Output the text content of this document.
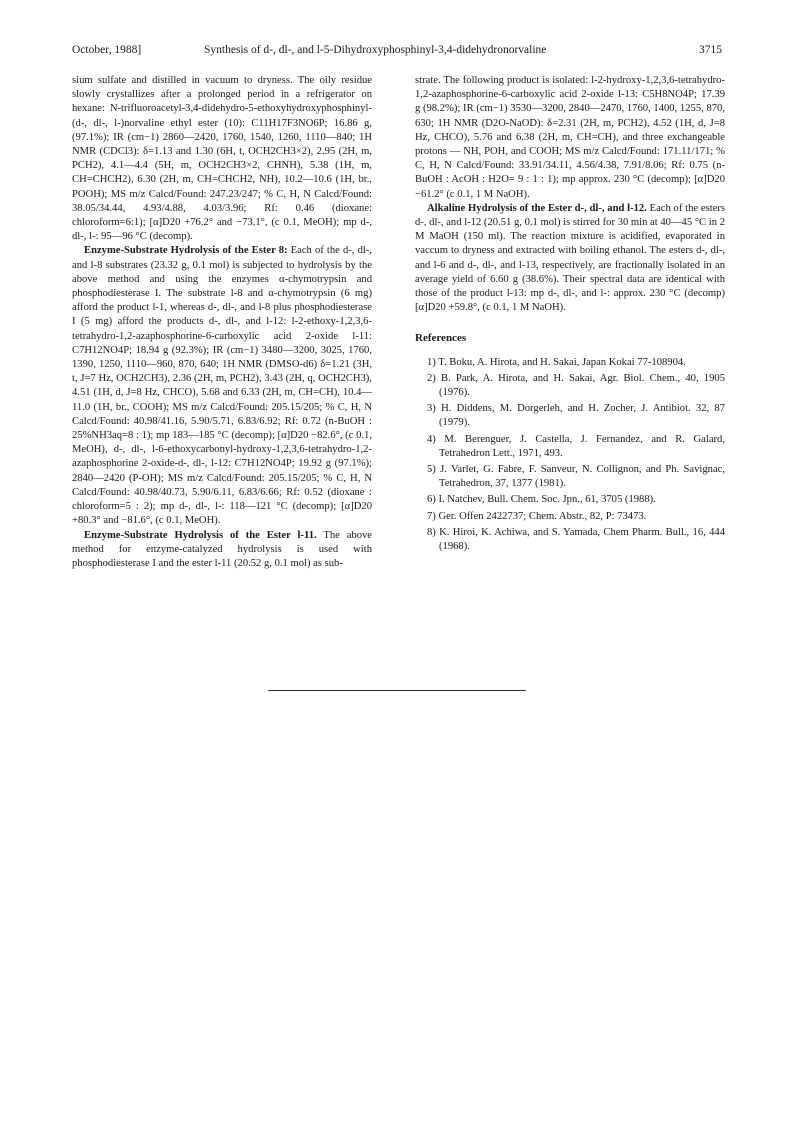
October, 1988]	Synthesis of d-, dl-, and l-5-Dihydroxyphosphinyl-3,4-didehydronorvaline	3715

sium sulfate and distilled in vacuum to dryness. The oily residue slowly crystallizes after a prolonged period in a refrigerator on hexane: N-trifluoroacetyl-3,4-didehydro-5-ethoxyhydroxyphosphinyl-(d-, dl-, l-)norvaline ethyl ester (10): C11H17F3NO6P; 16.86 g, (97.1%); IR (cm−1) 2860—2420, 1760, 1540, 1260, 1110—840; 1H NMR (CDCl3): δ=1.13 and 1.30 (6H, t, OCH2CH3×2), 2.95 (2H, m, PCH2), 4.1—4.4 (5H, m, OCH2CH3×2, CHNH), 5.38 (1H, m, CH=CHCH2), 6.30 (2H, m, CH=CHCH2, NH), 10.2—10.6 (1H, br., POOH); MS m/z Calcd/Found: 247.23/247; % C, H, N Calcd/Found: 38.05/34.44, 4.93/4.88, 4.03/3.96; Rf: 0.46 (dioxane: chloroform=6:1); [α]D20 +76.2° and −73.1°, (c 0.1, MeOH); mp d-, dl-, l-: 95—96 °C (decomp).

Enzyme-Substrate Hydrolysis of the Ester 8: Each of the d-, dl-, and l-8 substrates (23.32 g, 0.1 mol) is subjected to hydrolysis by the above method and using the enzymes α-chymotrypsin and phosphodiesterase I. The substrate l-8 and α-chymotrypsin (6 mg) afford the product l-1, whereas d-, dl-, and l-8 plus phosphodiesterase I (5 mg) afford the products d-, dl-, and l-12: l-2-ethoxy-1,2,3,6-tetrahydro-1,2-azaphosphorine-6-carboxylic acid 2-oxide l-11: C7H12NO4P; 18.94 g (92.3%); IR (cm−1) 3480—3200, 3025, 1760, 1390, 1250, 1110—960, 870, 640; 1H NMR (DMSO-d6) δ=1.21 (3H, t, J=7 Hz, OCH2CH3), 2.36 (2H, m, PCH2), 3.43 (2H, q, OCH2CH3), 4.51 (1H, d, J=8 Hz, CHCO), 5.68 and 6.33 (2H, m, CH=CH), 10.4—11.0 (1H, br., COOH); MS m/z Calcd/Found: 205.15/205; % C, H, N Calcd/Found: 40.98/41.16, 5.90/5.71, 6.83/6.92; Rf: 0.72 (n-BuOH : 25%NH3aq=8 : 1); mp 183—185 °C (decomp); [α]D20 −82.6°, (c 0.1, MeOH), d-, dl-, l-6-ethoxycarbonyl-hydroxy-1,2,3,6-tetrahydro-1,2-azaphosphorine 2-oxide-d-, dl-, l-12: C7H12NO4P; 19.92 g (97.1%); 2840—2420 (P-OH); MS m/z Calcd/Found: 205.15/205; % C, H, N Calcd/Found: 40.98/40.73, 5.90/6.11, 6.83/6.66; Rf: 0.52 (dioxane : chloroform=5 : 2); mp d-, dl-, l-: 118—121 °C (decomp); [α]D20 +80.3° and −81.6°, (c 0.1, MeOH).

Enzyme-Substrate Hydrolysis of the Ester l-11. The above method for enzyme-catalyzed hydrolysis is used with phosphodiesterase I and the ester l-11 (20.52 g, 0.1 mol) as sub-

strate. The following product is isolated: l-2-hydroxy-1,2,3,6-tetrahydro-1,2-azaphosphorine-6-carboxylic acid 2-oxide l-13: C5H8NO4P; 17.39 g (98.2%); IR (cm−1) 3530—3200, 2840—2470, 1760, 1400, 1255, 870, 630; 1H NMR (D2O-NaOD): δ=2.31 (2H, m, PCH2), 4.52 (1H, d, J=8 Hz, CHCO), 5.76 and 6.38 (2H, m, CH=CH), and three exchangeable protons — NH, POH, and COOH; MS m/z Calcd/Found: 171.11/171; % C, H, N Calcd/Found: 33.91/34.11, 4.56/4.38, 7.91/8.06; Rf: 0.75 (n-BuOH : AcOH : H2O= 9 : 1 : 1); mp approx. 230 °C (decomp); [α]D20 −61.2° (c 0.1, 1 M NaOH).

Alkaline Hydrolysis of the Ester d-, dl-, and l-12. Each of the esters d-, dl-, and l-12 (20.51 g, 0.1 mol) is stirred for 30 min at 40—45 °C in 2 M MaOH (150 ml). The reaction mixture is acidified, evaporated in vaccum to dryness and extracted with boiling ethanol. The esters d-, dl-, and l-6 and d-, dl-, and l-13, respectively, are fractionally isolated in an average yield of 6.60 g (38.6%). Their spectral data are identical with those of the product l-13: mp d-, dl-, and l-: approx. 230 °C (decomp) [α]D20 +59.8°, (c 0.1, 1 M NaOH).

References
1) T. Boku, A. Hirota, and H. Sakai, Japan Kokai 77-108904.
2) B. Park, A. Hirota, and H. Sakai, Agr. Biol. Chem., 40, 1905 (1976).
3) H. Diddens, M. Dorgerleh, and H. Zocher, J. Antibiot. 32, 87 (1979).
4) M. Berenguer, J. Castella, J. Fernandez, and R. Galard, Tetrahedron Lett., 1971, 493.
5) J. Varlet, G. Fabre, F. Sanveur, N. Collignon, and Ph. Savignac, Tetrahedron, 37, 1377 (1981).
6) I. Natchev, Bull. Chem. Soc. Jpn., 61, 3705 (1988).
7) Ger. Offen 2422737; Chem. Abstr., 82, P: 73473.
8) K. Hiroi, K. Achiwa, and S. Yamada, Chem Pharm. Bull., 16, 444 (1968).
